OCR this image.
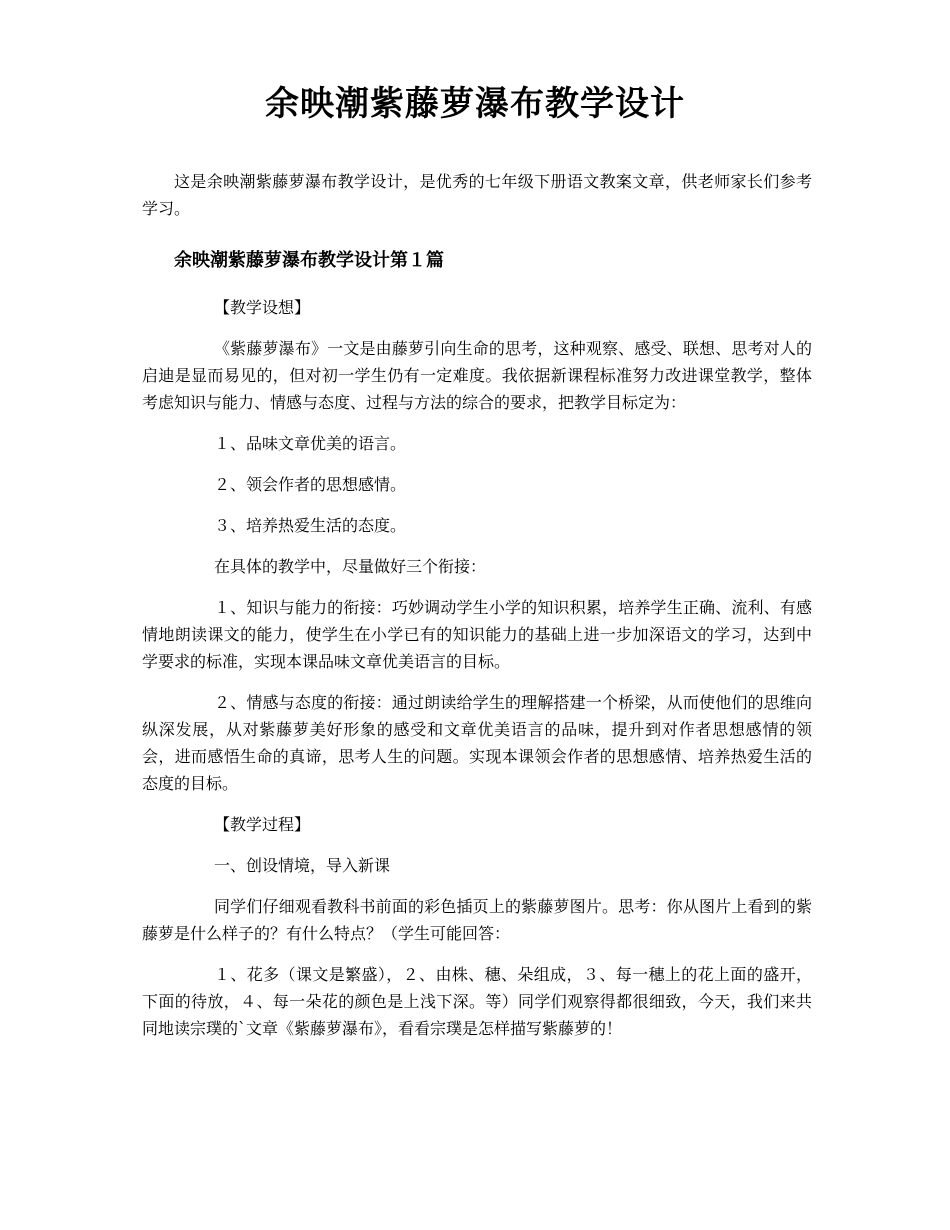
余映潮紫藤萝瀑布教学设计

这是余映潮紫藤萝瀑布教学设计，是优秀的七年级下册语文教案文章，供老师家长们参考学习。

余映潮紫藤萝瀑布教学设计第１篇

【教学设想】

《紫藤萝瀑布》一文是由藤萝引向生命的思考，这种观察、感受、联想、思考对人的启迪是显而易见的，但对初一学生仍有一定难度。我依据新课程标准努力改进课堂教学，整体考虑知识与能力、情感与态度、过程与方法的综合的要求，把教学目标定为：

１、品味文章优美的语言。

２、领会作者的思想感情。

３、培养热爱生活的态度。

在具体的教学中，尽量做好三个衔接：

１、知识与能力的衔接：巧妙调动学生小学的知识积累，培养学生正确、流利、有感情地朗读课文的能力，使学生在小学已有的知识能力的基础上进一步加深语文的学习，达到中学要求的标准，实现本课品味文章优美语言的目标。

２、情感与态度的衔接：通过朗读给学生的理解搭建一个桥梁，从而使他们的思维向纵深发展，从对紫藤萝美好形象的感受和文章优美语言的品味，提升到对作者思想感情的领会，进而感悟生命的真谛，思考人生的问题。实现本课领会作者的思想感情、培养热爱生活的态度的目标。

【教学过程】

一、创设情境，导入新课

同学们仔细观看教科书前面的彩色插页上的紫藤萝图片。思考：你从图片上看到的紫藤萝是什么样子的？有什么特点？（学生可能回答：

１、花多（课文是繁盛），２、由株、穗、朵组成，３、每一穗上的花上面的盛开，下面的待放，４、每一朵花的颜色是上浅下深。等）同学们观察得都很细致，今天，我们来共同地读宗璞的`文章《紫藤萝瀑布》，看看宗璞是怎样描写紫藤萝的！
